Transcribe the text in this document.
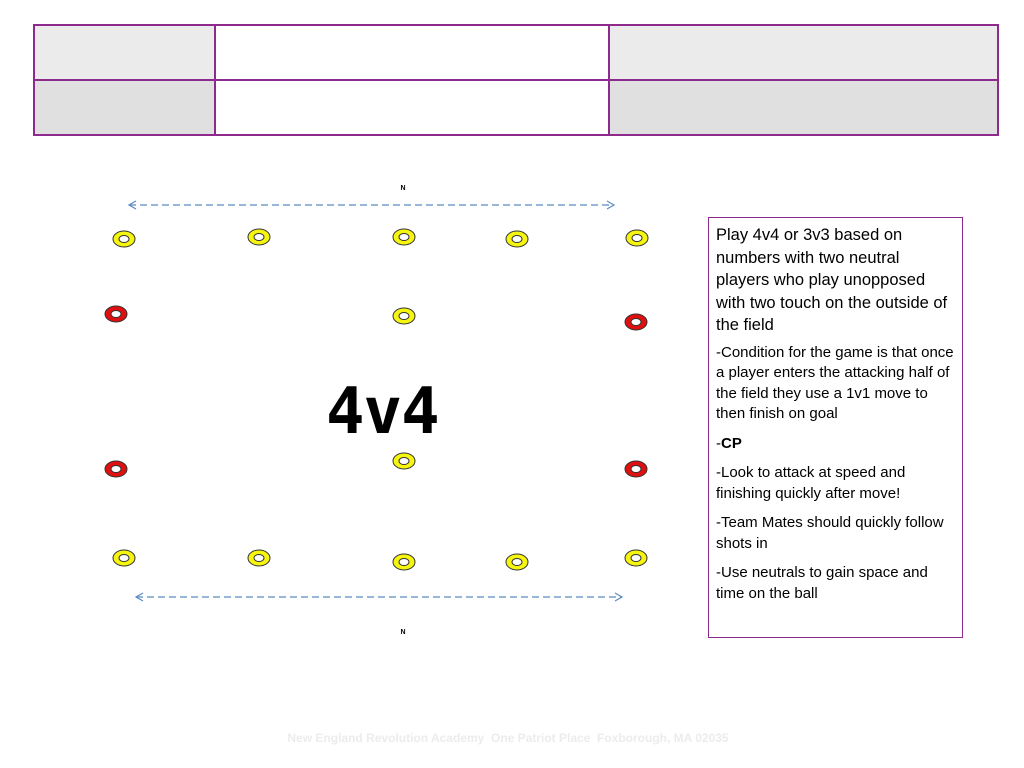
N
N
4v4

Play 4v4 or 3v3 based on numbers with two neutral players who play unopposed with two touch on the outside of the field

-Condition for the game is that once a player enters the attacking half of the field they use a 1v1 move to then finish on goal

-CP

-Look to attack at speed and finishing quickly after move!

-Team Mates should quickly follow shots in

-Use neutrals to gain space and time on the ball

New England Revolution Academy  One Patriot Place  Foxborough, MA 02035
